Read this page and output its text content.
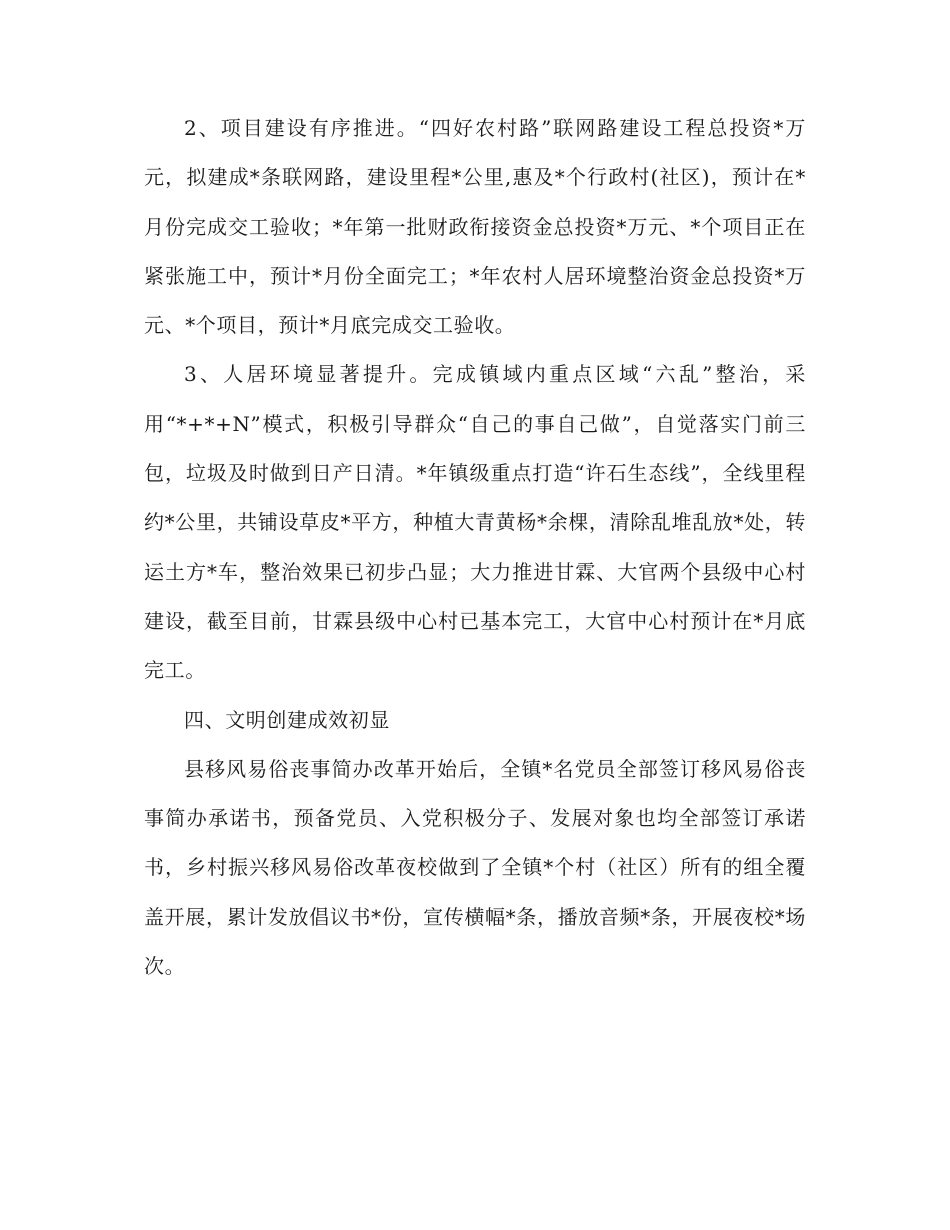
2、项目建设有序推进。“四好农村路”联网路建设工程总投资*万元，拟建成*条联网路，建设里程*公里,惠及*个行政村(社区)，预计在*月份完成交工验收；*年第一批财政衔接资金总投资*万元、*个项目正在紧张施工中，预计*月份全面完工；*年农村人居环境整治资金总投资*万元、*个项目，预计*月底完成交工验收。

3、人居环境显著提升。完成镇域内重点区域“六乱”整治，采用“*+*+N”模式，积极引导群众“自己的事自己做”，自觉落实门前三包，垃圾及时做到日产日清。*年镇级重点打造“许石生态线”，全线里程约*公里，共铺设草皮*平方，种植大青黄杨*余棵，清除乱堆乱放*处，转运土方*车，整治效果已初步凸显；大力推进甘霖、大官两个县级中心村建设，截至目前，甘霖县级中心村已基本完工，大官中心村预计在*月底完工。

四、文明创建成效初显

县移风易俗丧事简办改革开始后，全镇*名党员全部签订移风易俗丧事简办承诺书，预备党员、入党积极分子、发展对象也均全部签订承诺书，乡村振兴移风易俗改革夜校做到了全镇*个村（社区）所有的组全覆盖开展，累计发放倡议书*份，宣传横幅*条，播放音频*条，开展夜校*场次。
